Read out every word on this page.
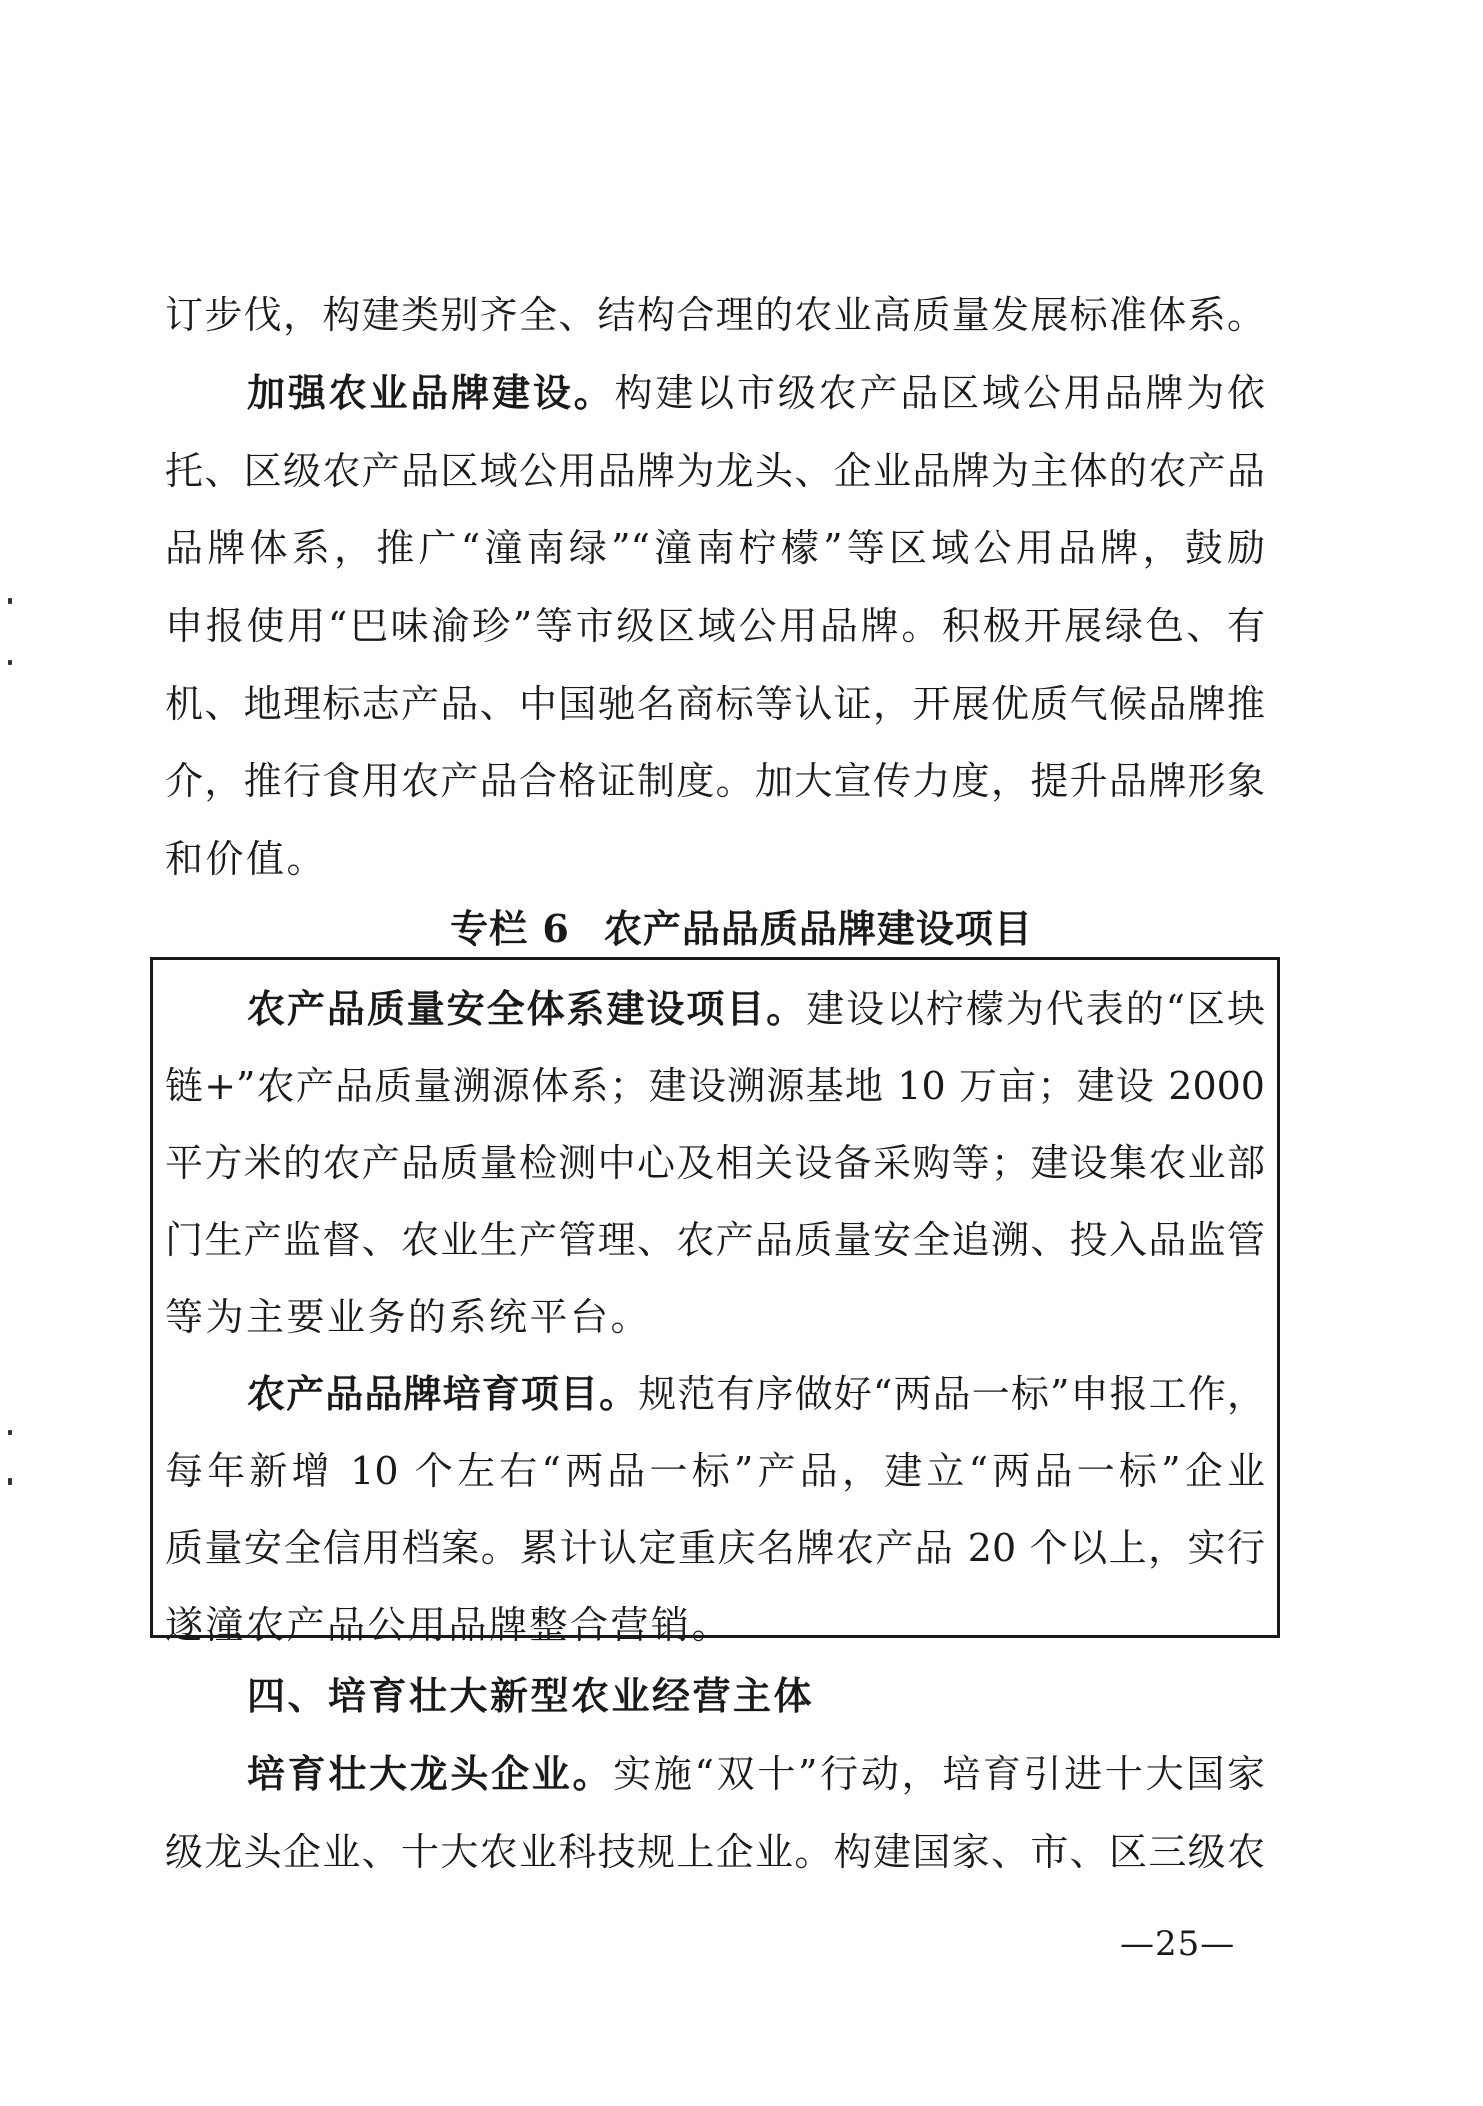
订步伐，构建类别齐全、结构合理的农业高质量发展标准体系。
加强农业品牌建设。构建以市级农产品区域公用品牌为依
托、区级农产品区域公用品牌为龙头、企业品牌为主体的农产品
品牌体系，推广“潼南绿”“潼南柠檬”等区域公用品牌，鼓励
申报使用“巴味渝珍”等市级区域公用品牌。积极开展绿色、有
机、地理标志产品、中国驰名商标等认证，开展优质气候品牌推
介，推行食用农产品合格证制度。加大宣传力度，提升品牌形象
和价值。
专栏 6 农产品品质品牌建设项目
农产品质量安全体系建设项目。建设以柠檬为代表的“区块
链+”农产品质量溯源体系；建设溯源基地 10 万亩；建设 2000
平方米的农产品质量检测中心及相关设备采购等；建设集农业部
门生产监督、农业生产管理、农产品质量安全追溯、投入品监管
等为主要业务的系统平台。
农产品品牌培育项目。规范有序做好“两品一标”申报工作，
每年新增 10 个左右“两品一标”产品，建立“两品一标”企业
质量安全信用档案。累计认定重庆名牌农产品 20 个以上，实行
遂潼农产品公用品牌整合营销。
四、培育壮大新型农业经营主体
培育壮大龙头企业。实施“双十”行动，培育引进十大国家
级龙头企业、十大农业科技规上企业。构建国家、市、区三级农
—25—
